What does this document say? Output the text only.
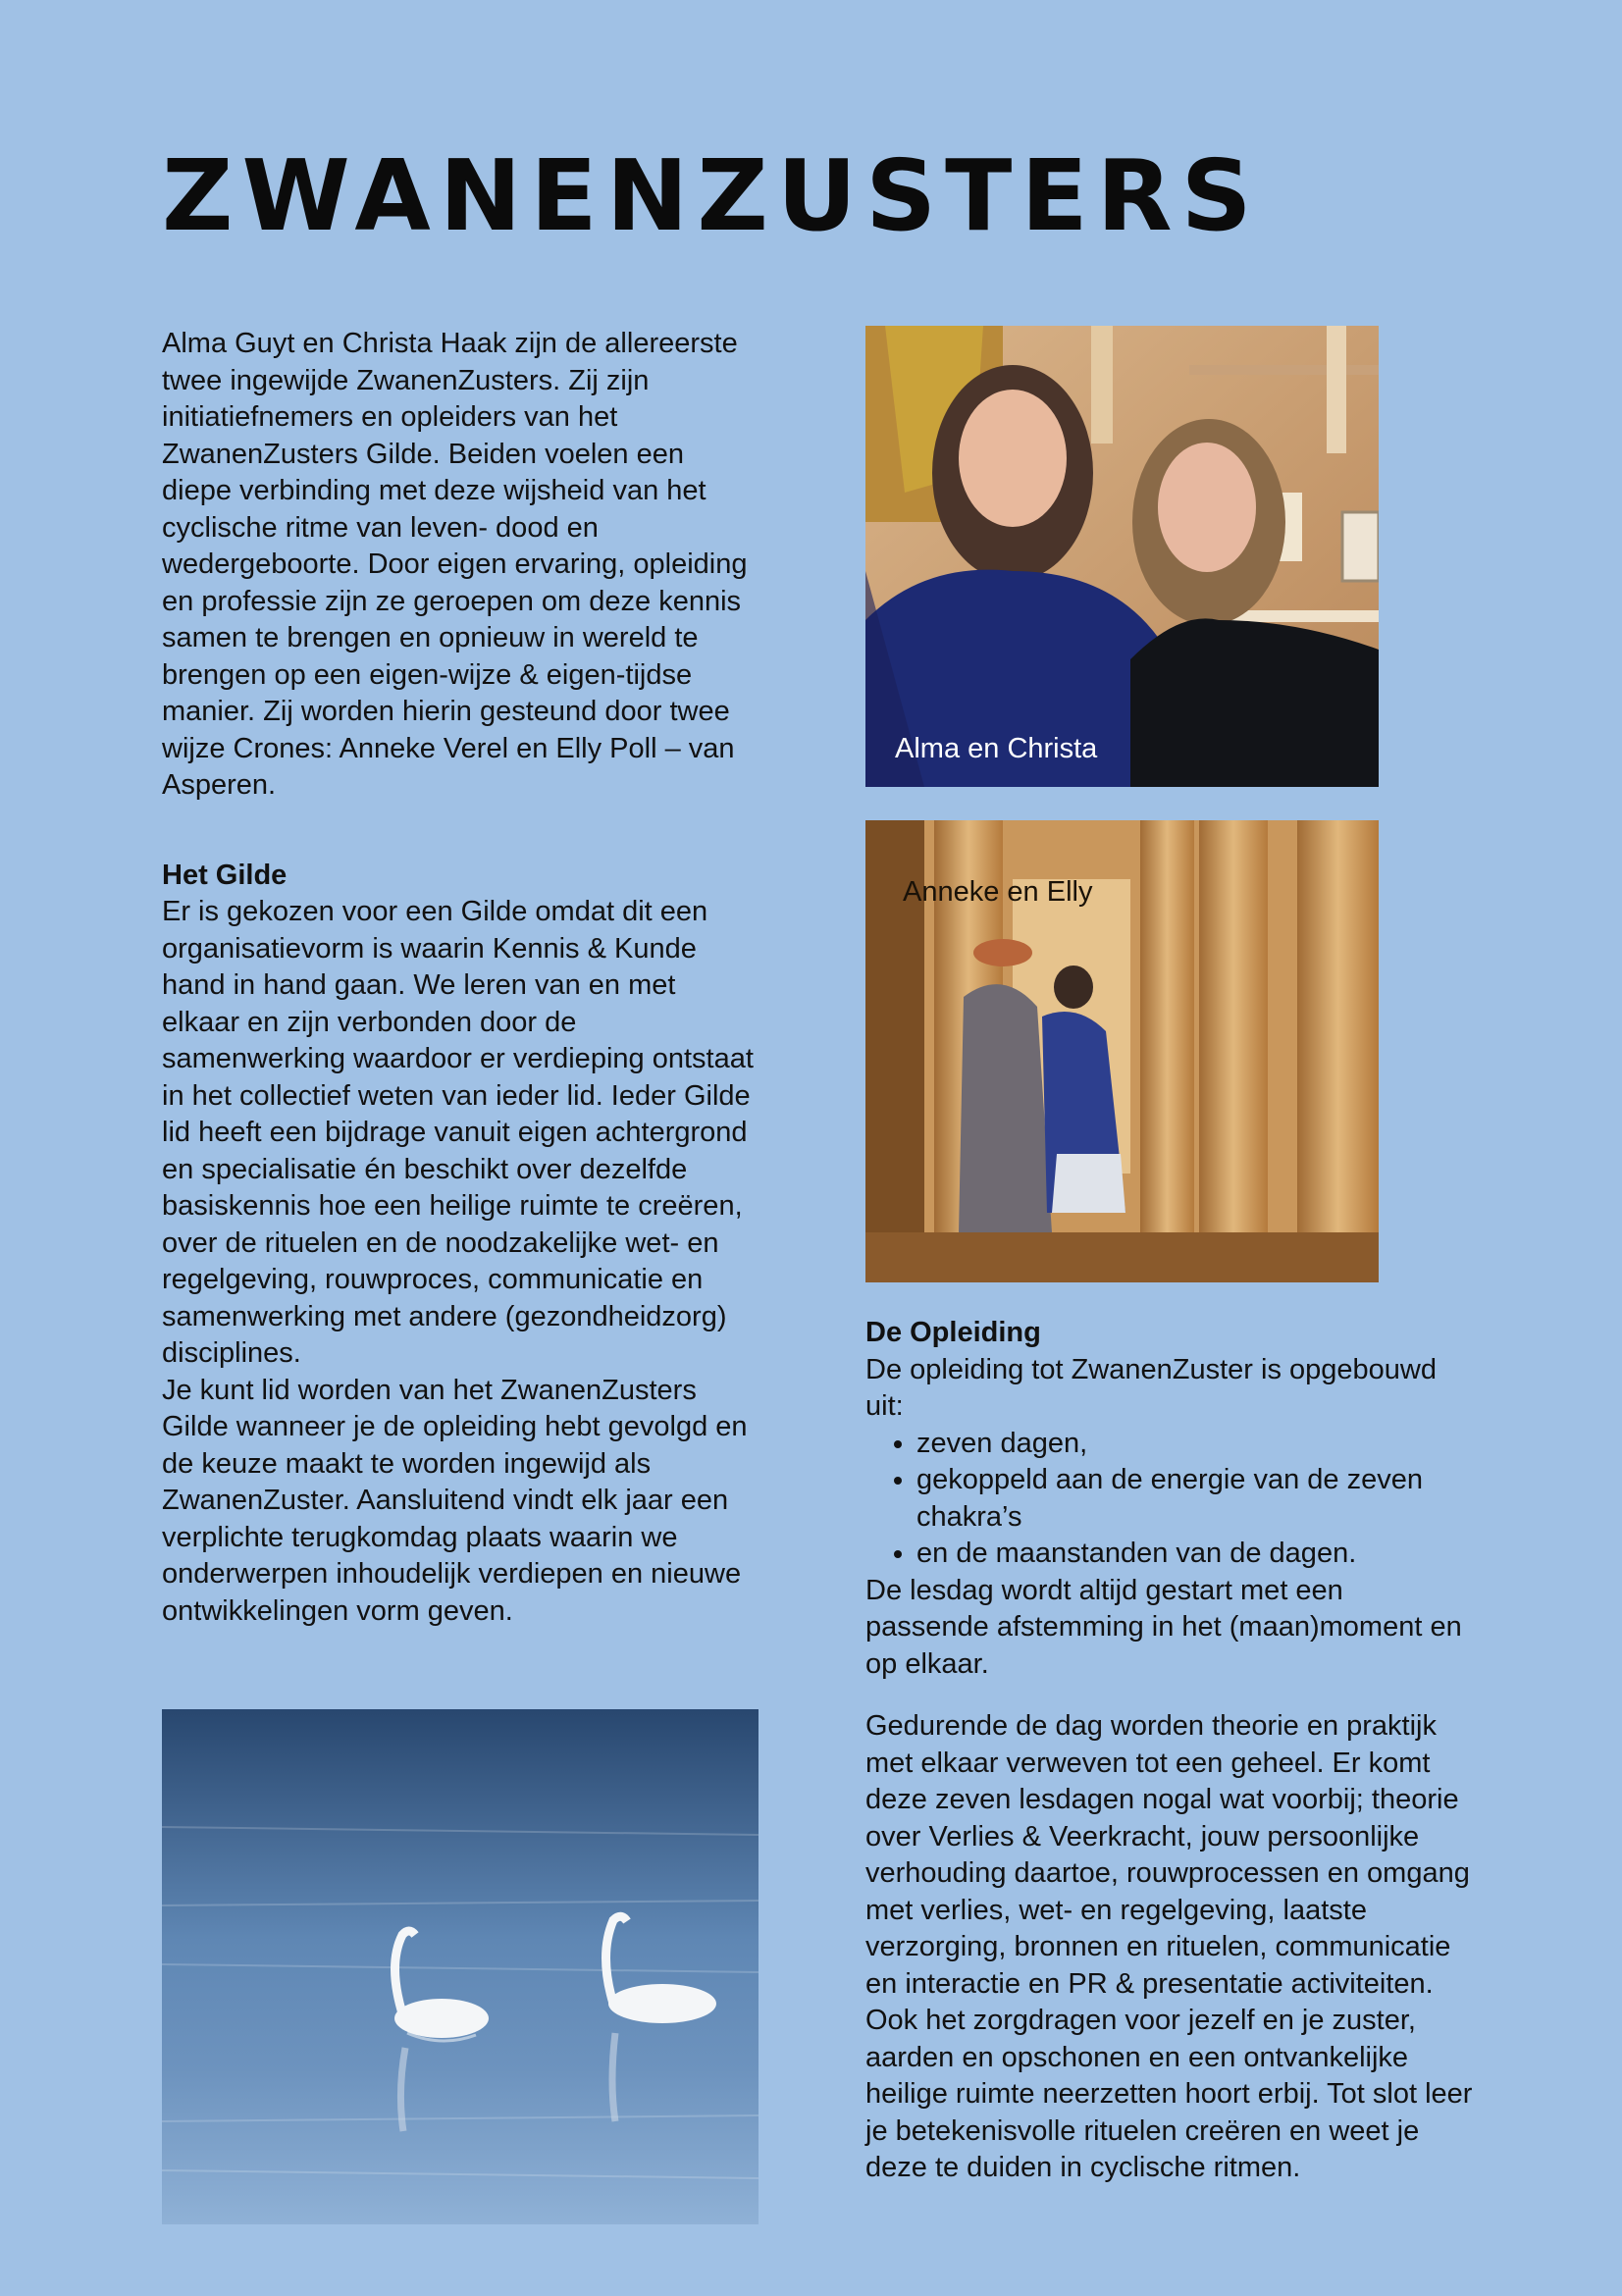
ZWANENZUSTERS

Alma Guyt en Christa Haak zijn de allereerste twee ingewijde ZwanenZusters. Zij zijn initiatiefnemers en opleiders van het ZwanenZusters Gilde. Beiden voelen een diepe verbinding met deze wijsheid van het cyclische ritme van leven- dood en wedergeboorte. Door eigen ervaring, opleiding en professie zijn ze geroepen om deze kennis samen te brengen en opnieuw in wereld te brengen op een eigen-wijze & eigen-tijdse manier. Zij worden hierin gesteund door twee wijze Crones: Anneke Verel en Elly Poll – van Asperen.

Het Gilde

Er is gekozen voor een Gilde omdat dit een organisatievorm is waarin Kennis & Kunde hand in hand gaan. We leren van en met elkaar en zijn verbonden door de samenwerking waardoor er verdieping ontstaat in het collectief weten van ieder lid. Ieder Gilde lid heeft een bijdrage vanuit eigen achtergrond en specialisatie én beschikt over dezelfde basiskennis hoe een heilige ruimte te creëren, over de rituelen en de noodzakelijke wet- en regelgeving, rouwproces, communicatie en samenwerking met andere (gezondheidzorg) disciplines.

Je kunt lid worden van het ZwanenZusters Gilde wanneer je de opleiding hebt gevolgd en de keuze maakt te worden ingewijd als ZwanenZuster. Aansluitend vindt elk jaar een verplichte terugkomdag plaats waarin we onderwerpen inhoudelijk verdiepen en nieuwe ontwikkelingen vorm geven.

Alma en Christa
Anneke en Elly

De Opleiding

De opleiding tot ZwanenZuster is opgebouwd uit:

• zeven dagen,
• gekoppeld aan de energie van de zeven chakra’s
• en de maanstanden van de dagen.

De lesdag wordt altijd gestart met een passende afstemming in het (maan)moment en op elkaar.

Gedurende de dag worden theorie en praktijk met elkaar verweven tot een geheel. Er komt deze zeven lesdagen nogal wat voorbij; theorie over Verlies & Veerkracht, jouw persoonlijke verhouding daartoe, rouwprocessen en omgang met verlies, wet- en regelgeving, laatste verzorging, bronnen en rituelen, communicatie en interactie en PR & presentatie activiteiten. Ook het zorgdragen voor jezelf en je zuster, aarden en opschonen en een ontvankelijke heilige ruimte neerzetten hoort erbij. Tot slot leer je betekenisvolle rituelen creëren en weet je deze te duiden in cyclische ritmen.
